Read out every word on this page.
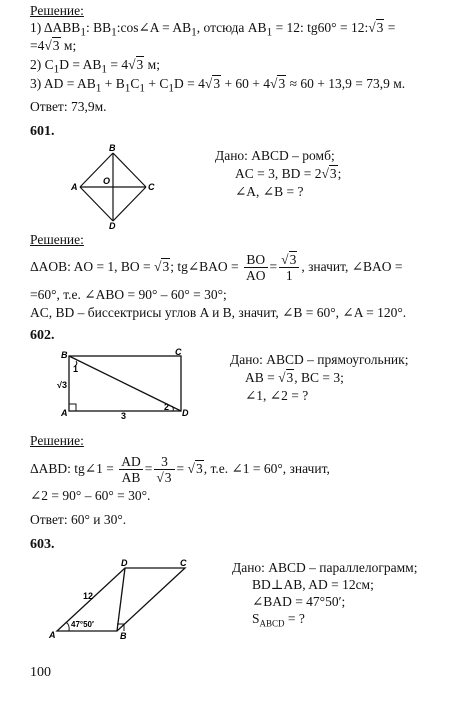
Решение:
1) $\Delta ABB_1$: $BB_1:\cos\angle A = AB_1$, отсюда $AB_1 = 12$: tg60° = 12:√3 =
=4√3 м;
2) $C_1D = AB_1 = 4√3$ м;
3) AD = $AB_1 + B_1C_1 + C_1D = 4√3 + 60 + 4√3 \approx 60 + 13,9 = 73,9$ м.
Ответ: 73,9м.
601.
B
A	C
D
O
Дано: ABCD – ромб;
AC = 3, BD = 2√3;
∠A, ∠B = ?
Решение:
ΔAOB: AO = 1, BO = √3; tg∠BAO = $\frac{BO}{AO} = \frac{√3}{1}$ , значит, ∠BAO =
=60°, т.е. ∠ABO = 90° – 60° = 30°;
AC, BD – биссектрисы углов A и B, значит, ∠B = 60°, ∠A = 120°.
602.
B	C
A	D
1
2
√3
3
Дано: ABCD – прямоугольник;
AB = √3, BC = 3;
∠1, ∠2 = ?
Решение:
ΔABD: tg∠1 = $\frac{AD}{AB} = \frac{3}{√3} = √3$, т.е. ∠1 = 60°, значит,
∠2 = 90° – 60° = 30°.
Ответ: 60° и 30°.
603.
D	C
A	B
12
47°50′
Дано: ABCD – параллелограмм;
BD⊥AB, AD = 12см;
∠BAD = 47°50′;
$S_{ABCD}$ = ?
100
